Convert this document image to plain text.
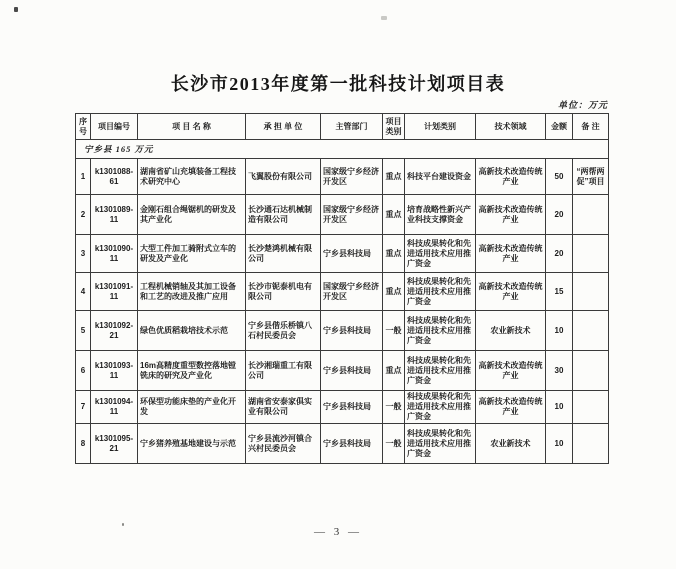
长沙市2013年度第一批科技计划项目表
单位：万元
序号	项目编号	项 目 名 称	承 担 单 位	主管部门	项目类别	计划类别	技术领域	金额	备 注
宁乡县 165 万元									
1	k1301088-61	湖南省矿山充填装备工程技术研究中心	飞翼股份有限公司	国家级宁乡经济开发区	重点	科技平台建设资金	高新技术改造传统产业	50	“两帮两促”项目
2	k1301089-11	金刚石组合绳锯机的研发及其产业化	长沙通石达机械制造有限公司	国家级宁乡经济开发区	重点	培育战略性新兴产业科技支撑资金	高新技术改造传统产业	20	
3	k1301090-11	大型工件加工骑附式立车的研发及产业化	长沙楚鸿机械有限公司	宁乡县科技局	重点	科技成果转化和先进适用技术应用推广资金	高新技术改造传统产业	20	
4	k1301091-11	工程机械销轴及其加工设备和工艺的改进及推广应用	长沙市铌泰机电有限公司	国家级宁乡经济开发区	重点	科技成果转化和先进适用技术应用推广资金	高新技术改造传统产业	15	
5	k1301092-21	绿色优质稻栽培技术示范	宁乡县偕乐桥镇八石村民委员会	宁乡县科技局	一般	科技成果转化和先进适用技术应用推广资金	农业新技术	10	
6	k1301093-11	16m高精度重型数控落地镗铣床的研究及产业化	长沙湘瑞重工有限公司	宁乡县科技局	重点	科技成果转化和先进适用技术应用推广资金	高新技术改造传统产业	30	
7	k1301094-11	环保型功能床垫的产业化开发	湖南省安泰家俱实业有限公司	宁乡县科技局	一般	科技成果转化和先进适用技术应用推广资金	高新技术改造传统产业	10	
8	k1301095-21	宁乡猪养殖基地建设与示范	宁乡县流沙河镇合兴村民委员会	宁乡县科技局	一般	科技成果转化和先进适用技术应用推广资金	农业新技术	10	
— 3 —
